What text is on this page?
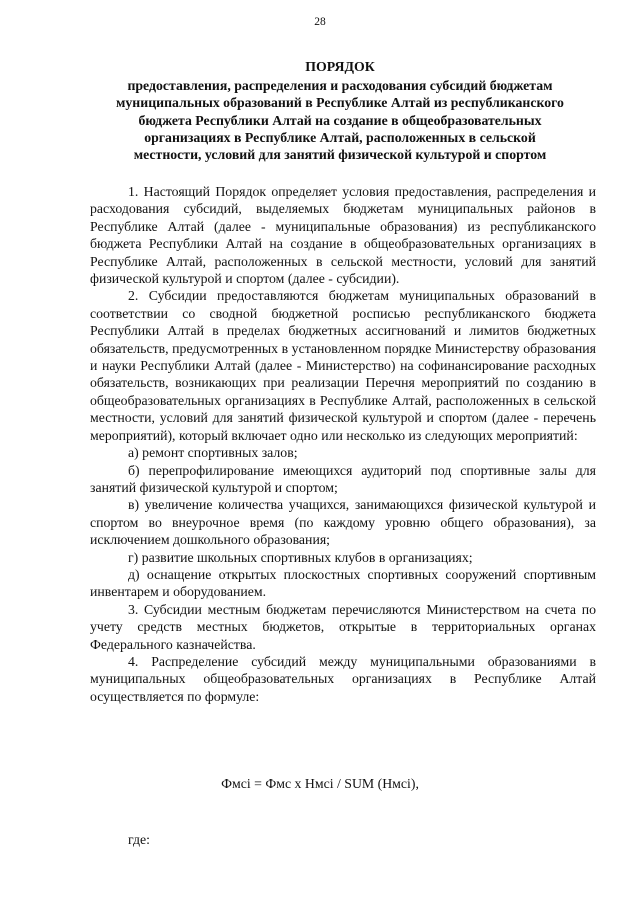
28
ПОРЯДОК
предоставления, распределения и расходования субсидий бюджетам
муниципальных образований в Республике Алтай из республиканского
бюджета Республики Алтай на создание в общеобразовательных
организациях в Республике Алтай, расположенных в сельской
местности, условий для занятий физической культурой и спортом

1. Настоящий Порядок определяет условия предоставления, распределения и расходования субсидий, выделяемых бюджетам муниципальных районов в Республике Алтай (далее - муниципальные образования) из республиканского бюджета Республики Алтай на создание в общеобразовательных организациях в Республике Алтай, расположенных в сельской местности, условий для занятий физической культурой и спортом (далее - субсидии).

2. Субсидии предоставляются бюджетам муниципальных образований в соответствии со сводной бюджетной росписью республиканского бюджета Республики Алтай в пределах бюджетных ассигнований и лимитов бюджетных обязательств, предусмотренных в установленном порядке Министерству образования и науки Республики Алтай (далее - Министерство) на софинансирование расходных обязательств, возникающих при реализации Перечня мероприятий по созданию в общеобразовательных организациях в Республике Алтай, расположенных в сельской местности, условий для занятий физической культурой и спортом (далее - перечень мероприятий), который включает одно или несколько из следующих мероприятий:

а) ремонт спортивных залов;

б) перепрофилирование имеющихся аудиторий под спортивные залы для занятий физической культурой и спортом;

в) увеличение количества учащихся, занимающихся физической культурой и спортом во внеурочное время (по каждому уровню общего образования), за исключением дошкольного образования;

г) развитие школьных спортивных клубов в организациях;

д) оснащение открытых плоскостных спортивных сооружений спортивным инвентарем и оборудованием.

3. Субсидии местным бюджетам перечисляются Министерством на счета по учету средств местных бюджетов, открытые в территориальных органах Федерального казначейства.

4. Распределение субсидий между муниципальными образованиями в муниципальных общеобразовательных организациях в Республике Алтай осуществляется по формуле:

Фмсi = Фмс х Нмсi / SUM (Нмсi),
где:
